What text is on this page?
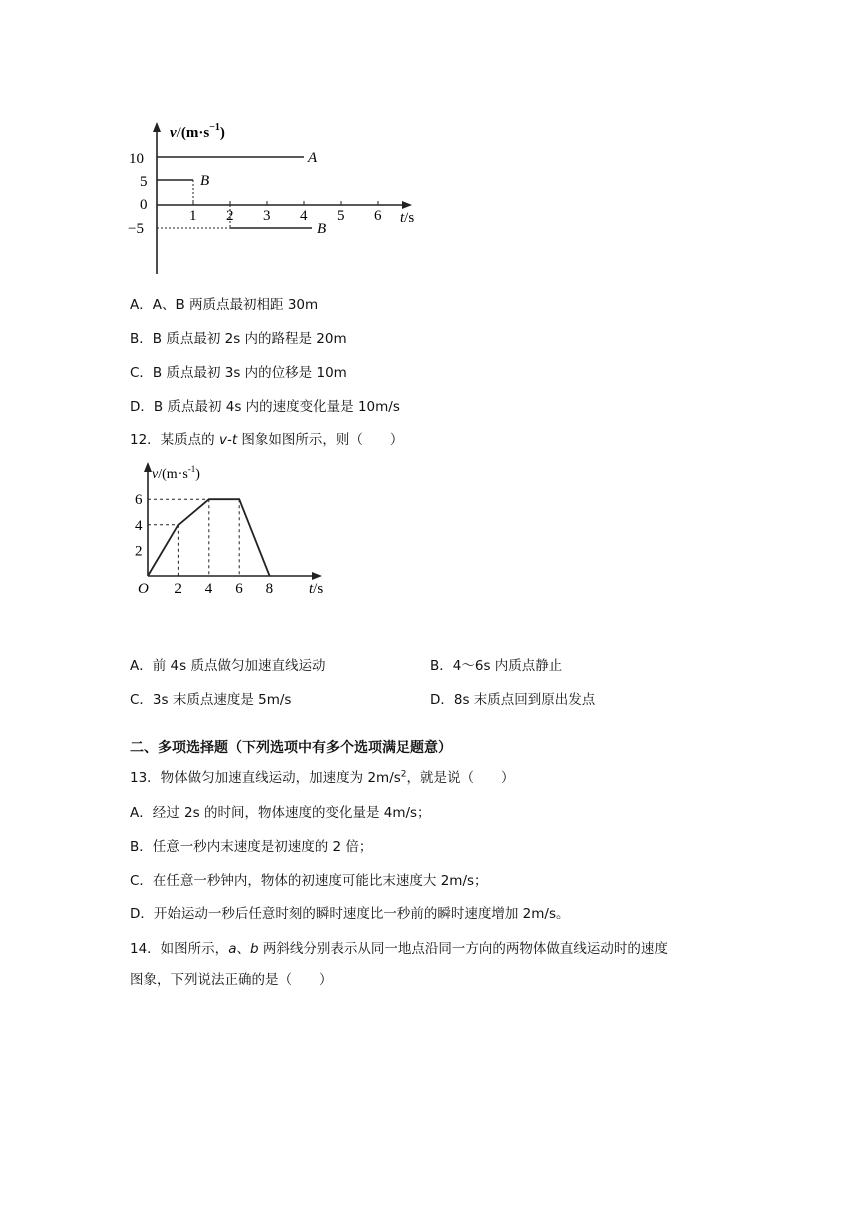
$v/(m\cdot s^{-1})$
10
5
0
−5
1 2 3 4 5 6 t/s
A
B
B
A．A、B 两质点最初相距 30m
B．B 质点最初 2s 内的路程是 20m
C．B 质点最初 3s 内的位移是 10m
D．B 质点最初 4s 内的速度变化量是 10m/s
12．某质点的 v-t 图象如图所示，则（　　）
$v/(m\cdot s^{-1})$
t/s
O 2 4 6 8
2
4
6
A．前 4s 质点做匀加速直线运动	B．4～6s 内质点静止
C．3s 末质点速度是 5m/s	D．8s 末质点回到原出发点
二、多项选择题（下列选项中有多个选项满足题意）
13．物体做匀加速直线运动，加速度为 $2m/s^2$，就是说（　　）
A．经过 2s 的时间，物体速度的变化量是 4m/s；
B．任意一秒内末速度是初速度的 2 倍；
C．在任意一秒钟内，物体的初速度可能比末速度大 2m/s；
D．开始运动一秒后任意时刻的瞬时速度比一秒前的瞬时速度增加 2m/s。
14．如图所示，a、b 两斜线分别表示从同一地点沿同一方向的两物体做直线运动时的速度
图象，下列说法正确的是（　　）
